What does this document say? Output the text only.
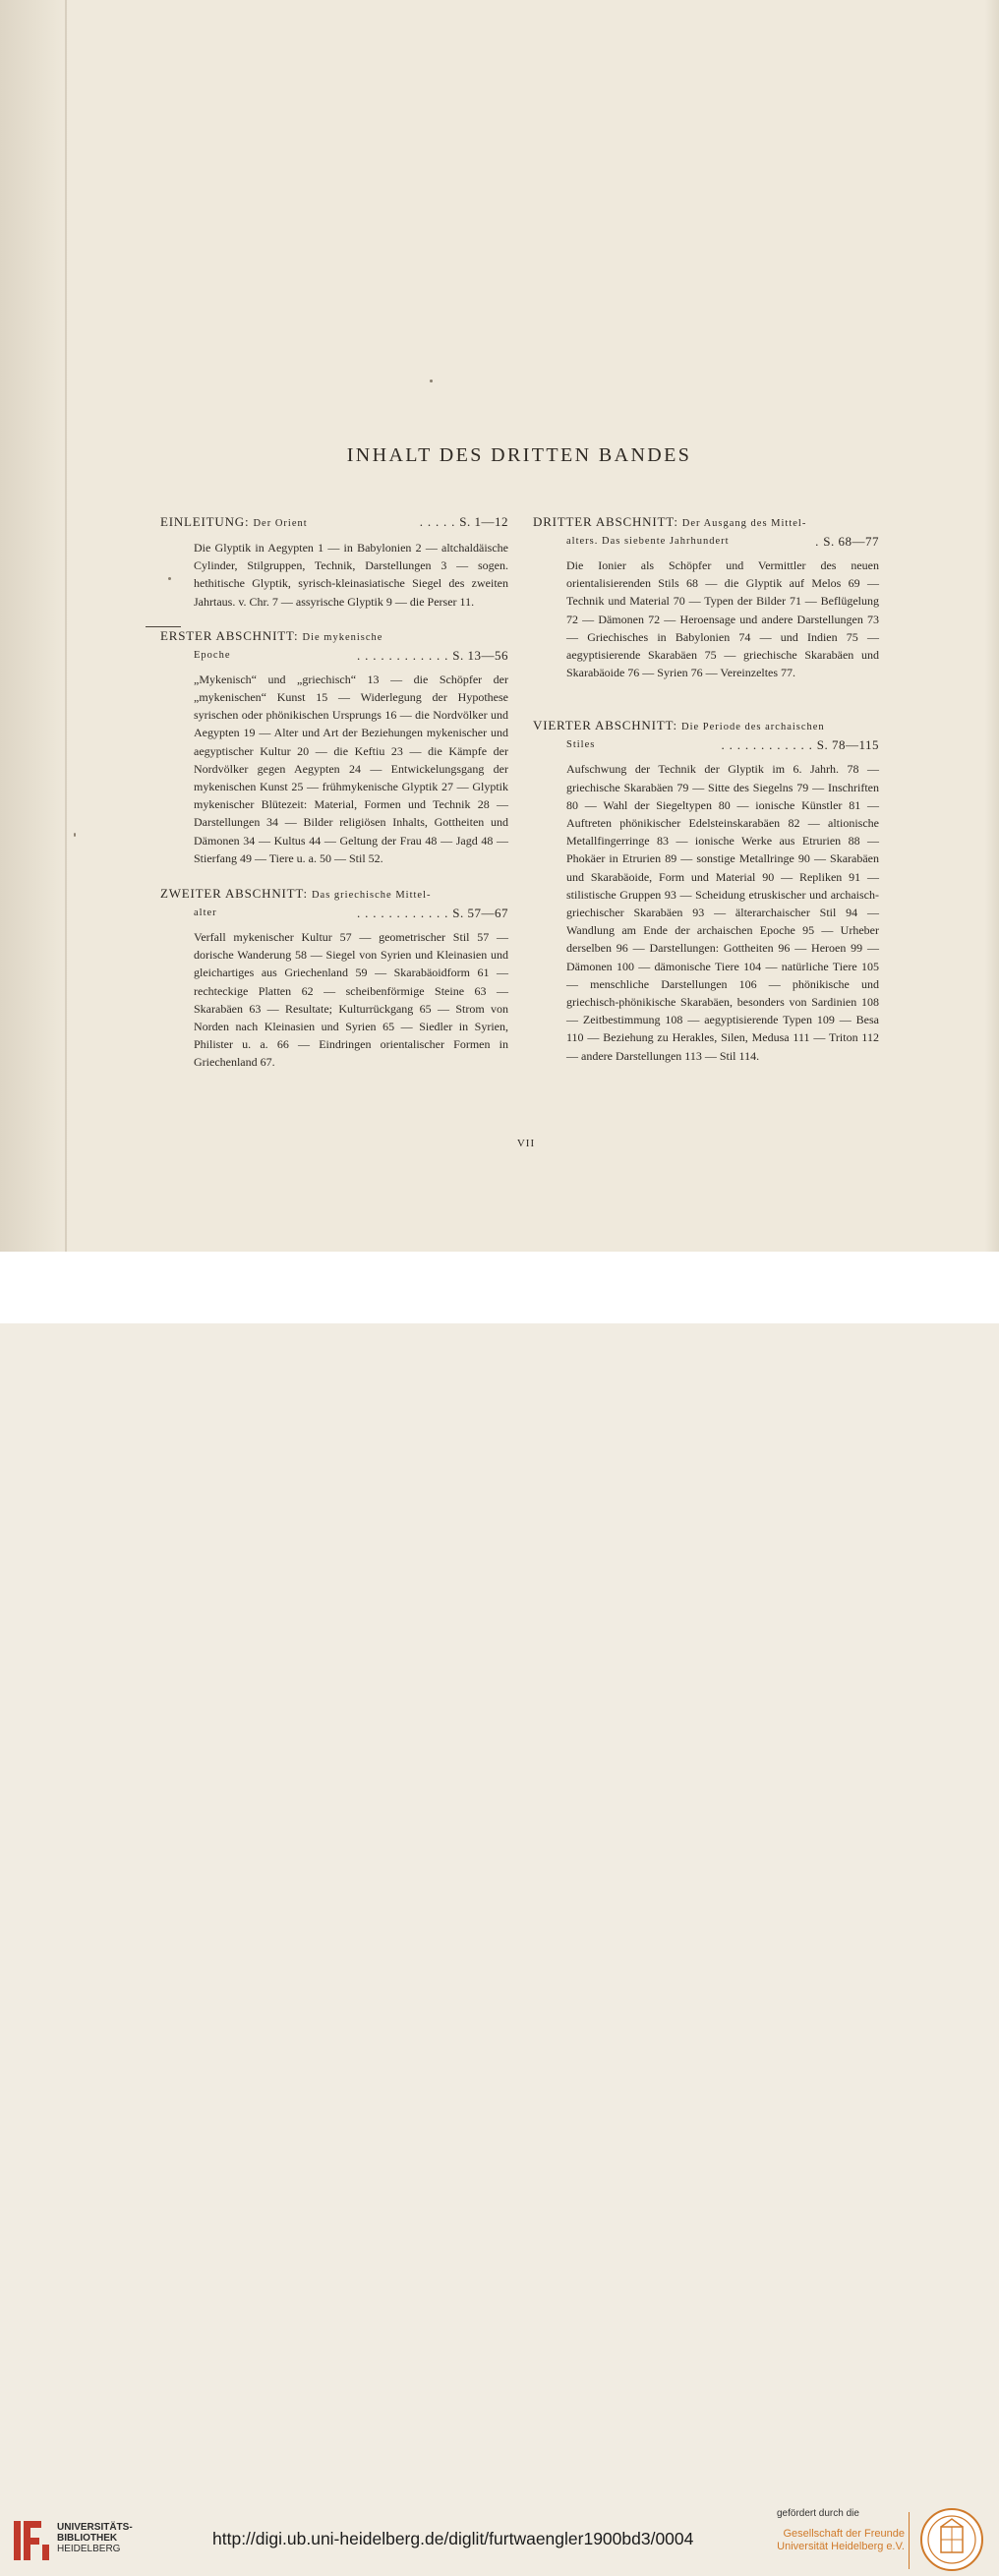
INHALT DES DRITTEN BANDES
EINLEITUNG: Der Orient	. . . . . S. 1—12
Die Glyptik in Aegypten 1 — in Babylonien 2 — altchaldäische Cylinder, Stilgruppen, Technik, Darstellungen 3 — sogen. hethitische Glyptik, syrisch-kleinasiatische Siegel des zweiten Jahrtaus. v. Chr. 7 — assyrische Glyptik 9 — die Perser 11.
ERSTER ABSCHNITT: Die mykenische
Epoche	. . . . . . . . . . . . S. 13—56
„Mykenisch“ und „griechisch“ 13 — die Schöpfer der „mykenischen“ Kunst 15 — Widerlegung der Hypothese syrischen oder phönikischen Ursprungs 16 — die Nordvölker und Aegypten 19 — Alter und Art der Beziehungen mykenischer und aegyptischer Kultur 20 — die Keftiu 23 — die Kämpfe der Nordvölker gegen Aegypten 24 — Entwickelungsgang der mykenischen Kunst 25 — frühmykenische Glyptik 27 — Glyptik mykenischer Blütezeit: Material, Formen und Technik 28 — Darstellungen 34 — Bilder religiösen Inhalts, Gottheiten und Dämonen 34 — Kultus 44 — Geltung der Frau 48 — Jagd 48 — Stierfang 49 — Tiere u. a. 50 — Stil 52.
ZWEITER ABSCHNITT: Das griechische Mittel-
alter	. . . . . . . . . . . . S. 57—67
Verfall mykenischer Kultur 57 — geometrischer Stil 57 — dorische Wanderung 58 — Siegel von Syrien und Kleinasien und gleichartiges aus Griechenland 59 — Skarabäoidform 61 — rechteckige Platten 62 — scheibenförmige Steine 63 — Skarabäen 63 — Resultate; Kulturrückgang 65 — Strom von Norden nach Kleinasien und Syrien 65 — Siedler in Syrien, Philister u. a. 66 — Eindringen orientalischer Formen in Griechenland 67.
DRITTER ABSCHNITT: Der Ausgang des Mittel-
alters. Das siebente Jahrhundert	. S. 68—77
Die Ionier als Schöpfer und Vermittler des neuen orientalisierenden Stils 68 — die Glyptik auf Melos 69 — Technik und Material 70 — Typen der Bilder 71 — Beflügelung 72 — Dämonen 72 — Heroensage und andere Darstellungen 73 — Griechisches in Babylonien 74 — und Indien 75 — aegyptisierende Skarabäen 75 — griechische Skarabäen und Skarabäoide 76 — Syrien 76 — Vereinzeltes 77.
VIERTER ABSCHNITT: Die Periode des archaischen
Stiles	. . . . . . . . . . . . S. 78—115
Aufschwung der Technik der Glyptik im 6. Jahrh. 78 — griechische Skarabäen 79 — Sitte des Siegelns 79 — Inschriften 80 — Wahl der Siegeltypen 80 — ionische Künstler 81 — Auftreten phönikischer Edelsteinskarabäen 82 — altionische Metallfingerringe 83 — ionische Werke aus Etrurien 88 — Phokäer in Etrurien 89 — sonstige Metallringe 90 — Skarabäen und Skarabäoide, Form und Material 90 — Repliken 91 — stilistische Gruppen 93 — Scheidung etruskischer und archaisch-griechischer Skarabäen 93 — älterarchaischer Stil 94 — Wandlung am Ende der archaischen Epoche 95 — Urheber derselben 96 — Darstellungen: Gottheiten 96 — Heroen 99 — Dämonen 100 — dämonische Tiere 104 — natürliche Tiere 105 — menschliche Darstellungen 106 — phönikische und griechisch-phönikische Skarabäen, besonders von Sardinien 108 — Zeitbestimmung 108 — aegyptisierende Typen 109 — Besa 110 — Beziehung zu Herakles, Silen, Medusa 111 — Triton 112 — andere Darstellungen 113 — Stil 114.
VII
UNIVERSITÄTS-
BIBLIOTHEK
HEIDELBERG
http://digi.ub.uni-heidelberg.de/diglit/furtwaengler1900bd3/0004
gefördert durch die
Gesellschaft der Freunde
Universität Heidelberg e.V.
